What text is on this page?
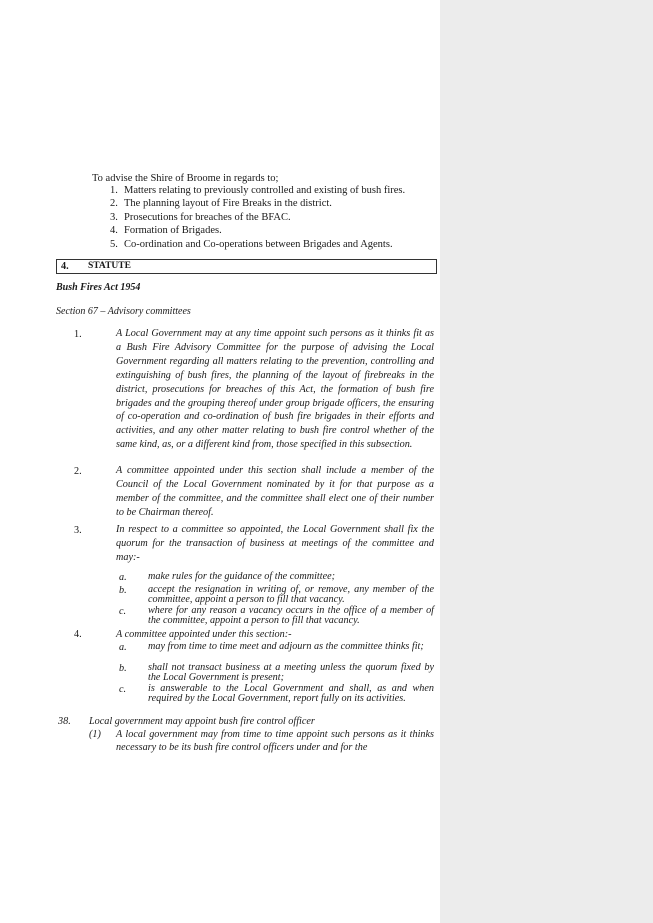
To advise the Shire of Broome in regards to;
1. Matters relating to previously controlled and existing of bush fires.
2. The planning layout of Fire Breaks in the district.
3. Prosecutions for breaches of the BFAC.
4. Formation of Brigades.
5. Co-ordination and Co-operations between Brigades and Agents.
4. STATUTE
Bush Fires Act 1954
Section 67 – Advisory committees
1.	A Local Government may at any time appoint such persons as it thinks fit as a Bush Fire Advisory Committee for the purpose of advising the Local Government regarding all matters relating to the prevention, controlling and extinguishing of bush fires, the planning of the layout of firebreaks in the district, prosecutions for breaches of this Act, the formation of bush fire brigades and the grouping thereof under group brigade officers, the ensuring of co-operation and co-ordination of bush fire brigades in their efforts and activities, and any other matter relating to bush fire control whether of the same kind, as, or a different kind from, those specified in this subsection.
2.	A committee appointed under this section shall include a member of the Council of the Local Government nominated by it for that purpose as a member of the committee, and the committee shall elect one of their number to be Chairman thereof.
3.	In respect to a committee so appointed, the Local Government shall fix the quorum for the transaction of business at meetings of the committee and may:-
a. make rules for the guidance of the committee;
b. accept the resignation in writing of, or remove, any member of the committee, appoint a person to fill that vacancy.
c. where for any reason a vacancy occurs in the office of a member of the committee, appoint a person to fill that vacancy.
4.	A committee appointed under this section:-
a. may from time to time meet and adjourn as the committee thinks fit;
b. shall not transact business at a meeting unless the quorum fixed by the Local Government is present;
c. is answerable to the Local Government and shall, as and when required by the Local Government, report fully on its activities.
38. Local government may appoint bush fire control officer
(1) A local government may from time to time appoint such persons as it thinks necessary to be its bush fire control officers under and for the
